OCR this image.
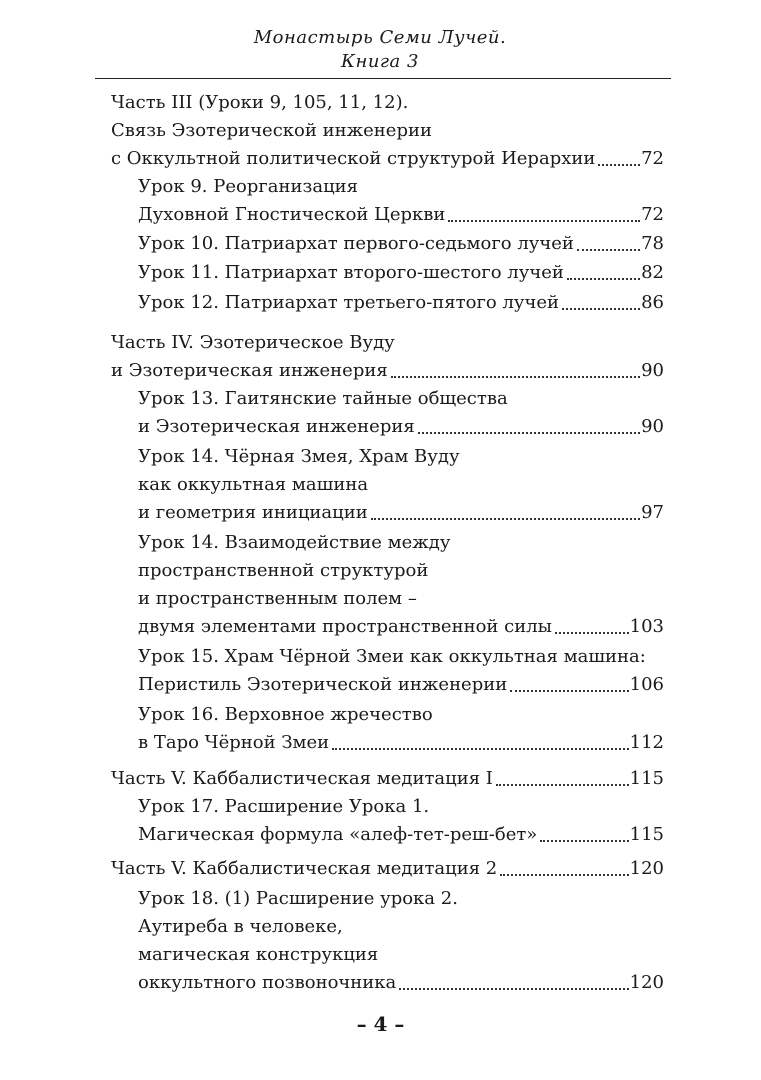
Монастырь Семи Лучей.
Книга 3
Часть III (Уроки 9, 105, 11, 12).
Связь Эзотерической инженерии
с Оккультной политической структурой Иерархии	72
Урок 9. Реорганизация
Духовной Гностической Церкви	72
Урок 10. Патриархат первого-седьмого лучей	78
Урок 11. Патриархат второго-шестого лучей	82
Урок 12. Патриархат третьего-пятого лучей	86
Часть IV. Эзотерическое Вуду
и Эзотерическая инженерия	90
Урок 13. Гаитянские тайные общества
и Эзотерическая инженерия	90
Урок 14. Чёрная Змея, Храм Вуду
как оккультная машина
и геометрия инициации	97
Урок 14. Взаимодействие между
пространственной структурой
и пространственным полем –
двумя элементами пространственной силы	103
Урок 15. Храм Чёрной Змеи как оккультная машина:
Перистиль Эзотерической инженерии	106
Урок 16. Верховное жречество
в Таро Чёрной Змеи	112
Часть V. Каббалистическая медитация I	115
Урок 17. Расширение Урока 1.
Магическая формула «алеф-тет-реш-бет»	115
Часть V. Каббалистическая медитация 2	120
Урок 18. (1) Расширение урока 2.
Аутиреба в человеке,
магическая конструкция
оккультного позвоночника	120
– 4 –
